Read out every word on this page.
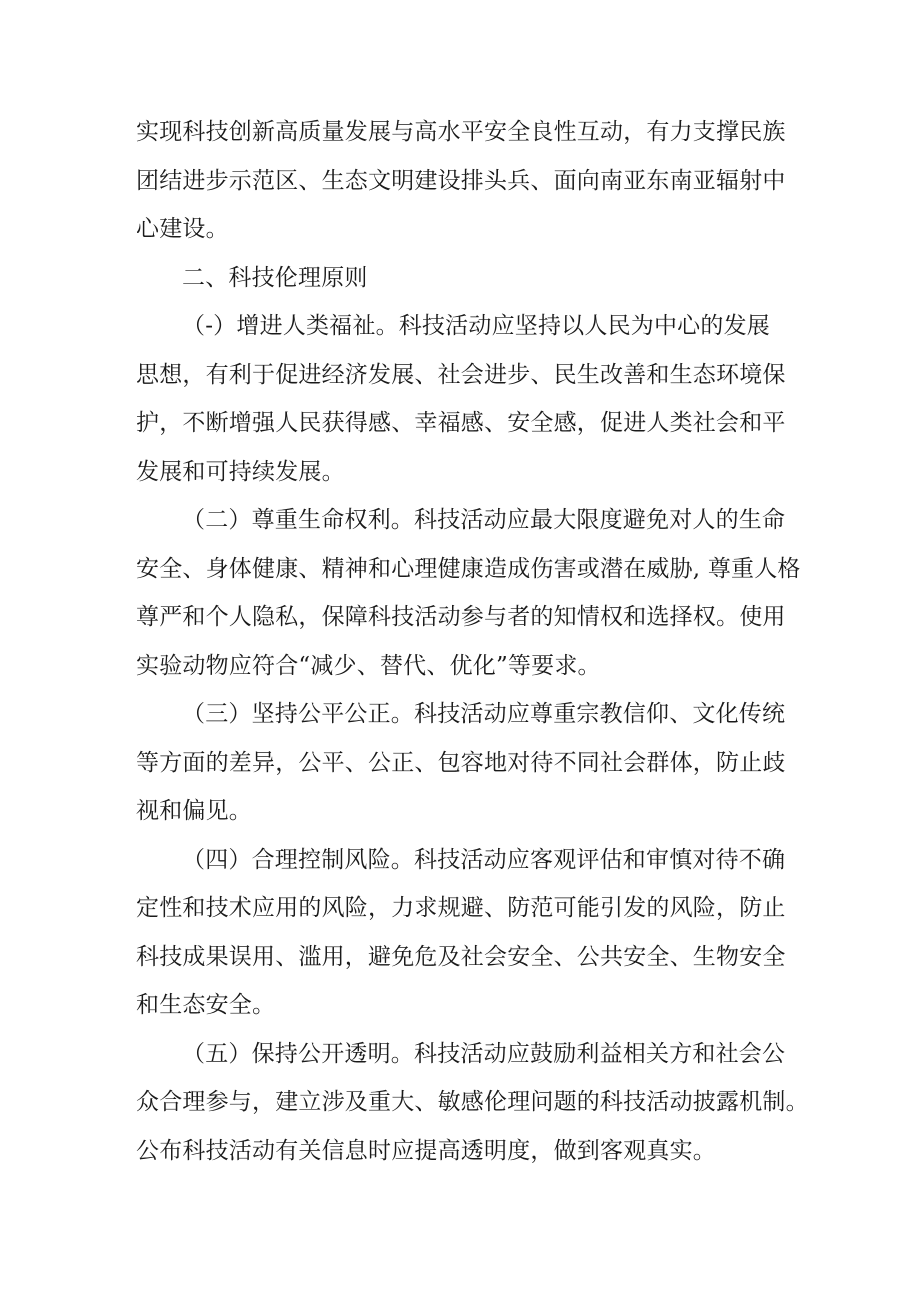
实现科技创新高质量发展与高水平安全良性互动，有力支撑民族
团结进步示范区、生态文明建设排头兵、面向南亚东南亚辐射中
心建设。
二、科技伦理原则
（-）增进人类福祉。科技活动应坚持以人民为中心的发展
思想，有利于促进经济发展、社会进步、民生改善和生态环境保
护，不断增强人民获得感、幸福感、安全感，促进人类社会和平
发展和可持续发展。
（二）尊重生命权利。科技活动应最大限度避免对人的生命
安全、身体健康、精神和心理健康造成伤害或潜在威胁, 尊重人格
尊严和个人隐私，保障科技活动参与者的知情权和选择权。使用
实验动物应符合“减少、替代、优化”等要求。
（三）坚持公平公正。科技活动应尊重宗教信仰、文化传统
等方面的差异，公平、公正、包容地对待不同社会群体，防止歧
视和偏见。
（四）合理控制风险。科技活动应客观评估和审慎对待不确
定性和技术应用的风险，力求规避、防范可能引发的风险，防止
科技成果误用、滥用，避免危及社会安全、公共安全、生物安全
和生态安全。
（五）保持公开透明。科技活动应鼓励利益相关方和社会公
众合理参与，建立涉及重大、敏感伦理问题的科技活动披露机制。
公布科技活动有关信息时应提高透明度，做到客观真实。
